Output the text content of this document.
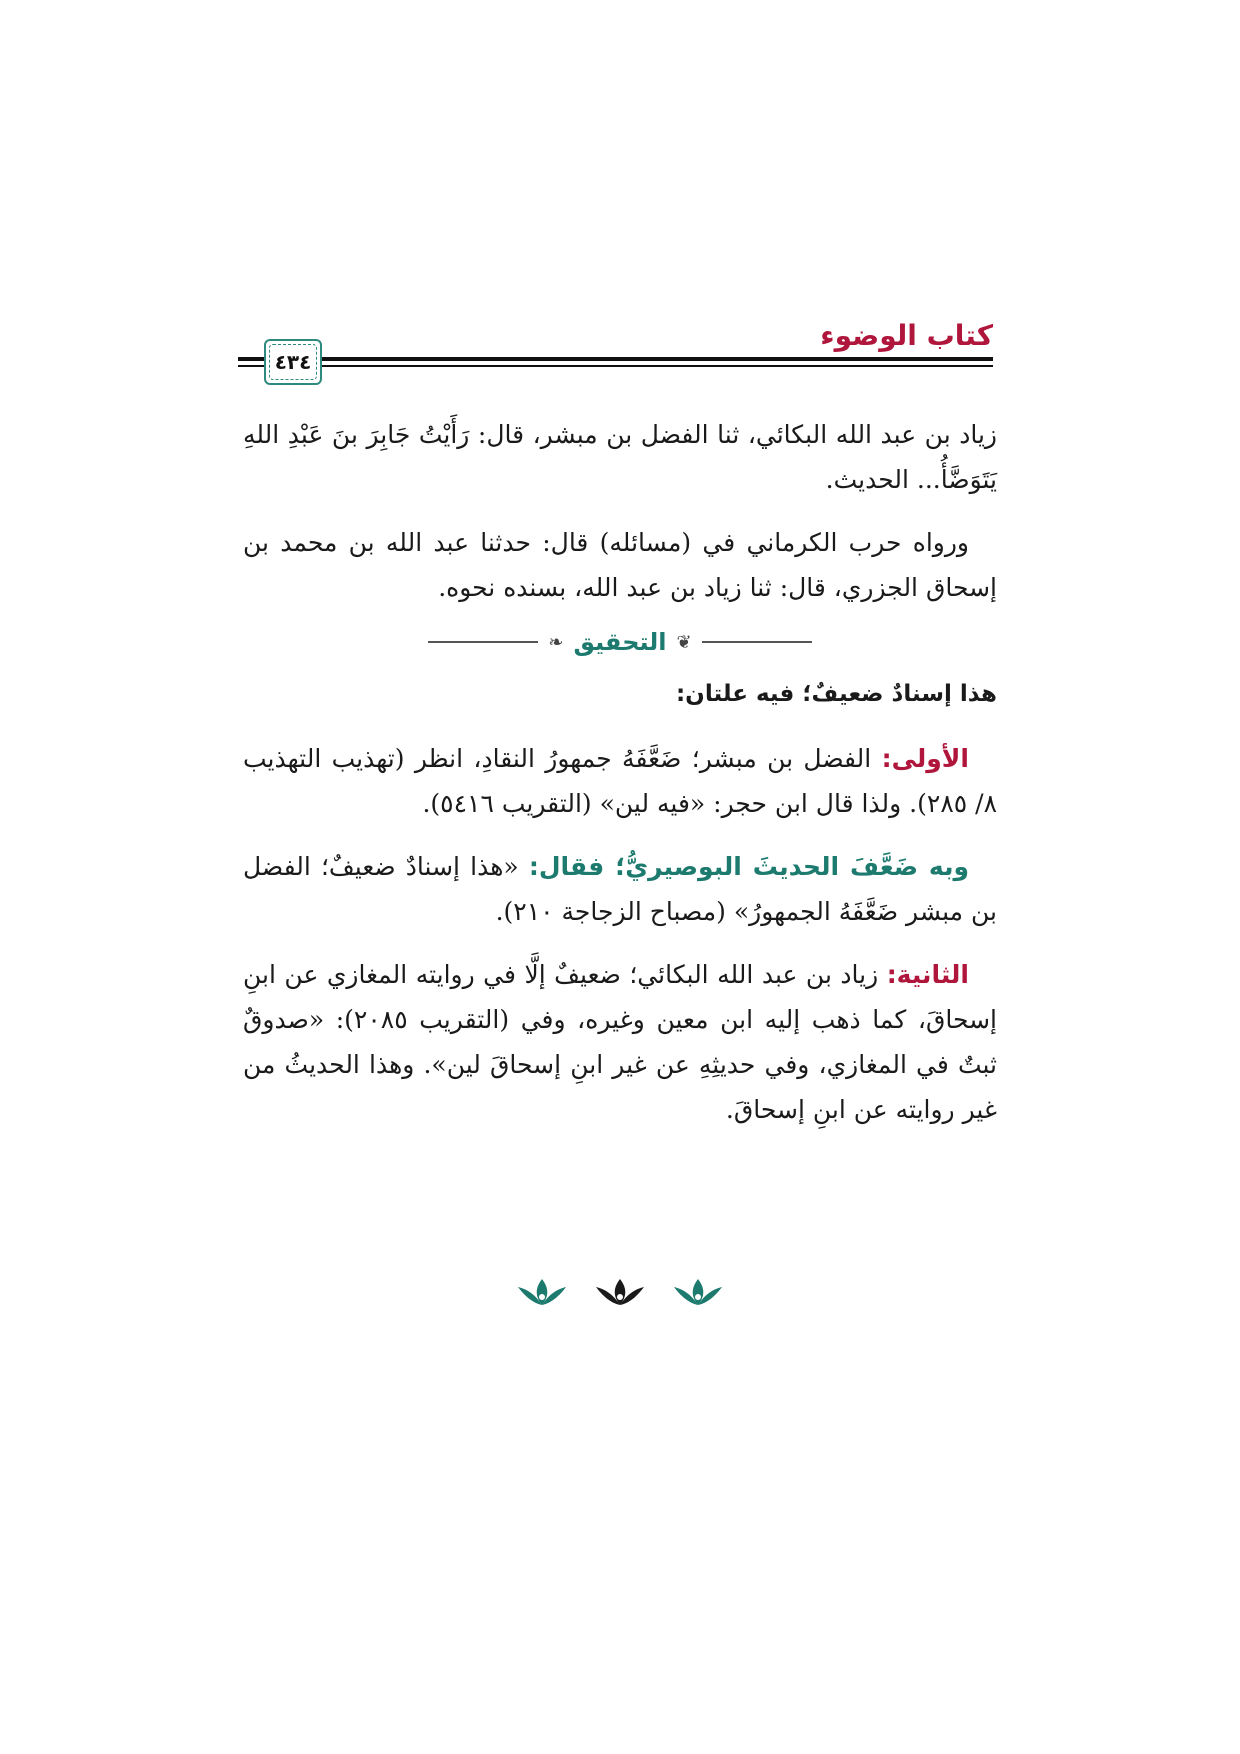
كتاب الوضوء
٤٣٤

زياد بن عبد الله البكائي، ثنا الفضل بن مبشر، قال: رَأَيْتُ جَابِرَ بنَ عَبْدِ اللهِ يَتَوَضَّأُ... الحديث.

ورواه حرب الكرماني في (مسائله) قال: حدثنا عبد الله بن محمد بن إسحاق الجزري، قال: ثنا زياد بن عبد الله، بسنده نحوه.

❦
التحقيق
❧

هذا إسنادٌ ضعيفٌ؛ فيه علتان:

الأولى: الفضل بن مبشر؛ ضَعَّفَهُ جمهورُ النقادِ، انظر (تهذيب التهذيب ٨/ ٢٨٥). ولذا قال ابن حجر: «فيه لين» (التقريب ٥٤١٦).

وبه ضَعَّفَ الحديثَ البوصيريُّ؛ فقال: «هذا إسنادٌ ضعيفٌ؛ الفضل بن مبشر ضَعَّفَهُ الجمهورُ» (مصباح الزجاجة ٢١٠).

الثانية: زياد بن عبد الله البكائي؛ ضعيفٌ إلَّا في روايته المغازي عن ابنِ إسحاقَ، كما ذهب إليه ابن معين وغيره، وفي (التقريب ٢٠٨٥): «صدوقٌ ثبتٌ في المغازي، وفي حديثِهِ عن غير ابنِ إسحاقَ لين». وهذا الحديثُ من غير روايته عن ابنِ إسحاقَ.
